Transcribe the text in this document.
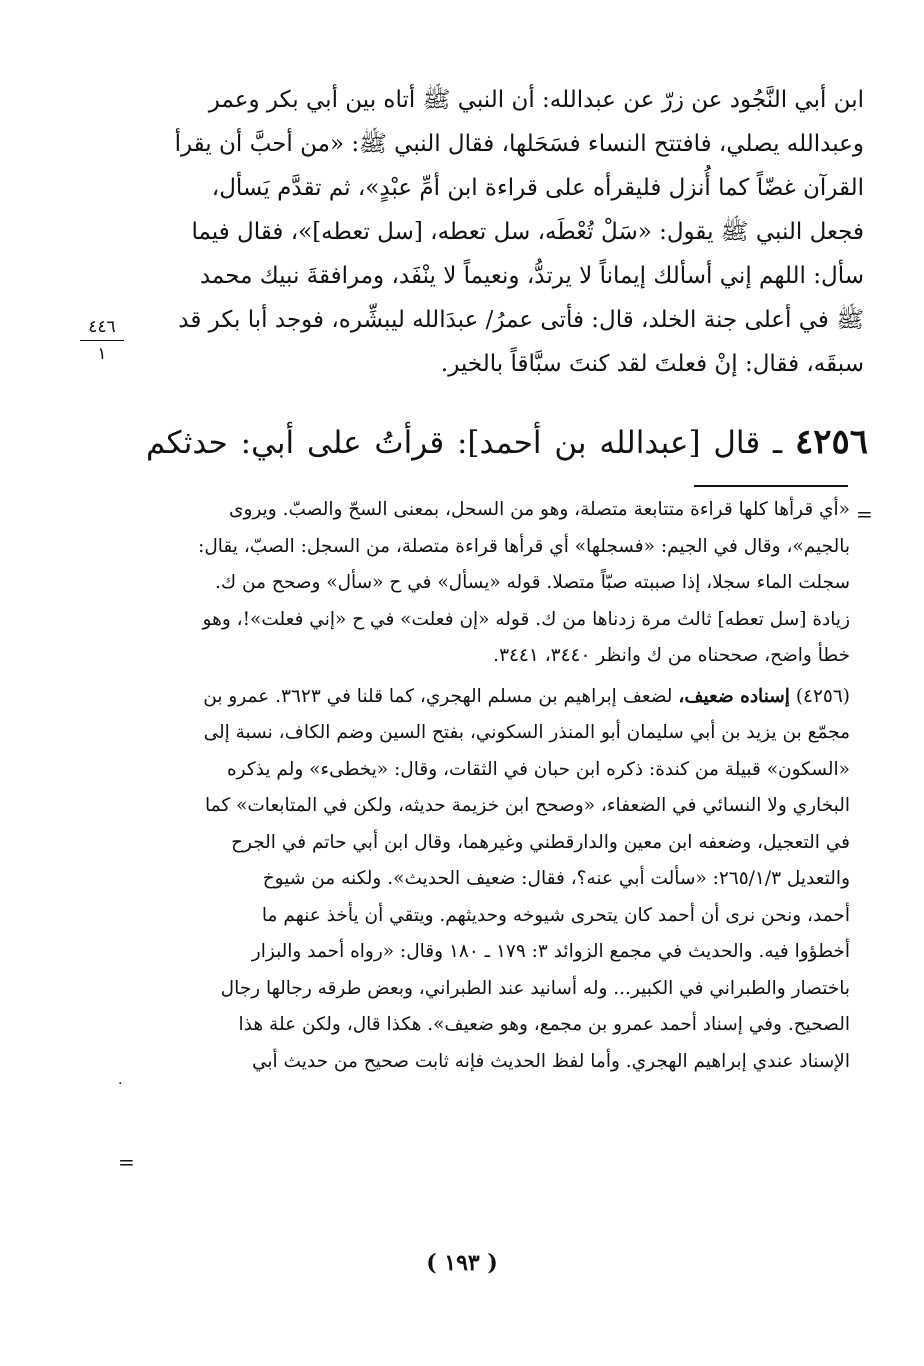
ابن أبي النَّجُود عن زرّ عن عبدالله: أن النبي ﷺ أتاه بين أبي بكر وعمر

وعبدالله يصلي، فافتتح النساء فسَحَلها، فقال النبي ﷺ: «من أحبَّ أن يقرأ

القرآن غضّاً كما أُنزل فليقرأه على قراءة ابن أمِّ عبْدٍ»، ثم تقدَّم يَسأل،

فجعل النبي ﷺ يقول: «سَلْ تُعْطَه، سل تعطه، [سل تعطه]»، فقال فيما

سأل: اللهم إني أسألك إيماناً لا يرتدُّ، ونعيماً لا ينْفَد، ومرافقةَ نبيك محمد

ﷺ في أعلى جنة الخلد، قال: فأتى عمرُ/ عبدَالله ليبشِّره، فوجد أبا بكر قد

سبقَه، فقال: إنْ فعلتَ لقد كنتَ سبَّاقاً بالخير.

٤٤٦
١
٤٢٥٦ ـ قال [عبدالله بن أحمد]: قرأتُ على أبي: حدثكم
=

«أي قرأها كلها قراءة متتابعة متصلة، وهو من السحل، بمعنى السحّ والصبّ. ويروى

بالجيم»، وقال في الجيم: «فسجلها» أي قرأها قراءة متصلة، من السجل: الصبّ، يقال:

سجلت الماء سجلا، إذا صببته صبّاً متصلا. قوله «يسأل» في ح «سأل» وصحح من ك.

زيادة [سل تعطه] ثالث مرة زدناها من ك. قوله «إن فعلت» في ح «إني فعلت»!، وهو

خطأ واضح، صححناه من ك وانظر ٣٤٤٠، ٣٤٤١.

(٤٢٥٦) إسناده ضعيف، لضعف إبراهيم بن مسلم الهجري، كما قلنا في ٣٦٢٣. عمرو بن

مجمّع بن يزيد بن أبي سليمان أبو المنذر السكوني، بفتح السين وضم الكاف، نسبة إلى

«السكون» قبيلة من كندة: ذكره ابن حبان في الثقات، وقال: «يخطىء» ولم يذكره

البخاري ولا النسائي في الضعفاء، «وصحح ابن خزيمة حديثه، ولكن في المتابعات» كما

في التعجيل، وضعفه ابن معين والدارقطني وغيرهما، وقال ابن أبي حاتم في الجرح

والتعديل ٢٦٥/١/٣: «سألت أبي عنه؟، فقال: ضعيف الحديث». ولكنه من شيوخ

أحمد، ونحن نرى أن أحمد كان يتحرى شيوخه وحديثهم. ويتقي أن يأخذ عنهم ما

أخطؤوا فيه. والحديث في مجمع الزوائد ٣: ١٧٩ ـ ١٨٠ وقال: «رواه أحمد والبزار

باختصار والطبراني في الكبير... وله أسانيد عند الطبراني، وبعض طرقه رجالها رجال

الصحيح. وفي إسناد أحمد عمرو بن مجمع، وهو ضعيف». هكذا قال، ولكن علة هذا

الإسناد عندي إبراهيم الهجري. وأما لفظ الحديث فإنه ثابت صحيح من حديث أبي

.
=
( ١٩٣ )
